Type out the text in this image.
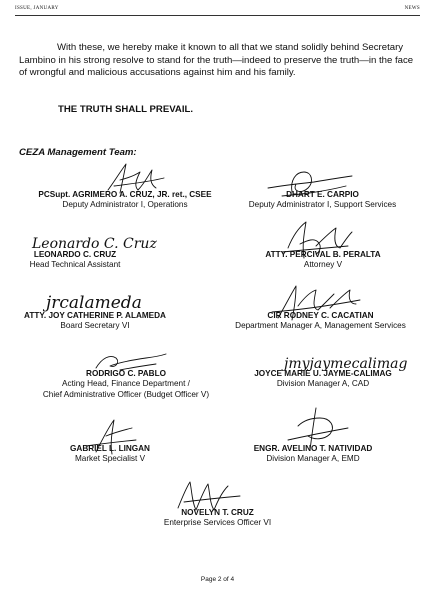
ISSUE, JANUARY	NEWS

With these, we hereby make it known to all that we stand solidly behind Secretary Lambino in his strong resolve to stand for the truth—indeed to preserve the truth—in the face of wrongful and malicious accusations against him and his family.

THE TRUTH SHALL PREVAIL.

CEZA Management Team:

Leonardo C. Cruz
jrcalameda
jmyjaymecalimag
PCSupt. AGRIMERO A. CRUZ, JR. ret., CSEE
Deputy Administrator I, Operations
DHART E. CARPIO
Deputy Administrator I, Support Services
LEONARDO C. CRUZ
Head Technical Assistant
ATTY. PERCIVAL B. PERALTA
Attorney V
ATTY. JOY CATHERINE P. ALAMEDA
Board Secretary VI
CIR RODNEY C. CACATIAN
Department Manager A, Management Services
RODRIGO C. PABLO
Acting Head, Finance Department /
Chief Administrative Officer (Budget Officer V)
JOYCE MARIE U. JAYME-CALIMAG
Division Manager A, CAD
GABRIEL L. LINGAN
Market Specialist V
ENGR. AVELINO T. NATIVIDAD
Division Manager A, EMD
NOVELYN T. CRUZ
Enterprise Services Officer VI
Page 2 of 4
